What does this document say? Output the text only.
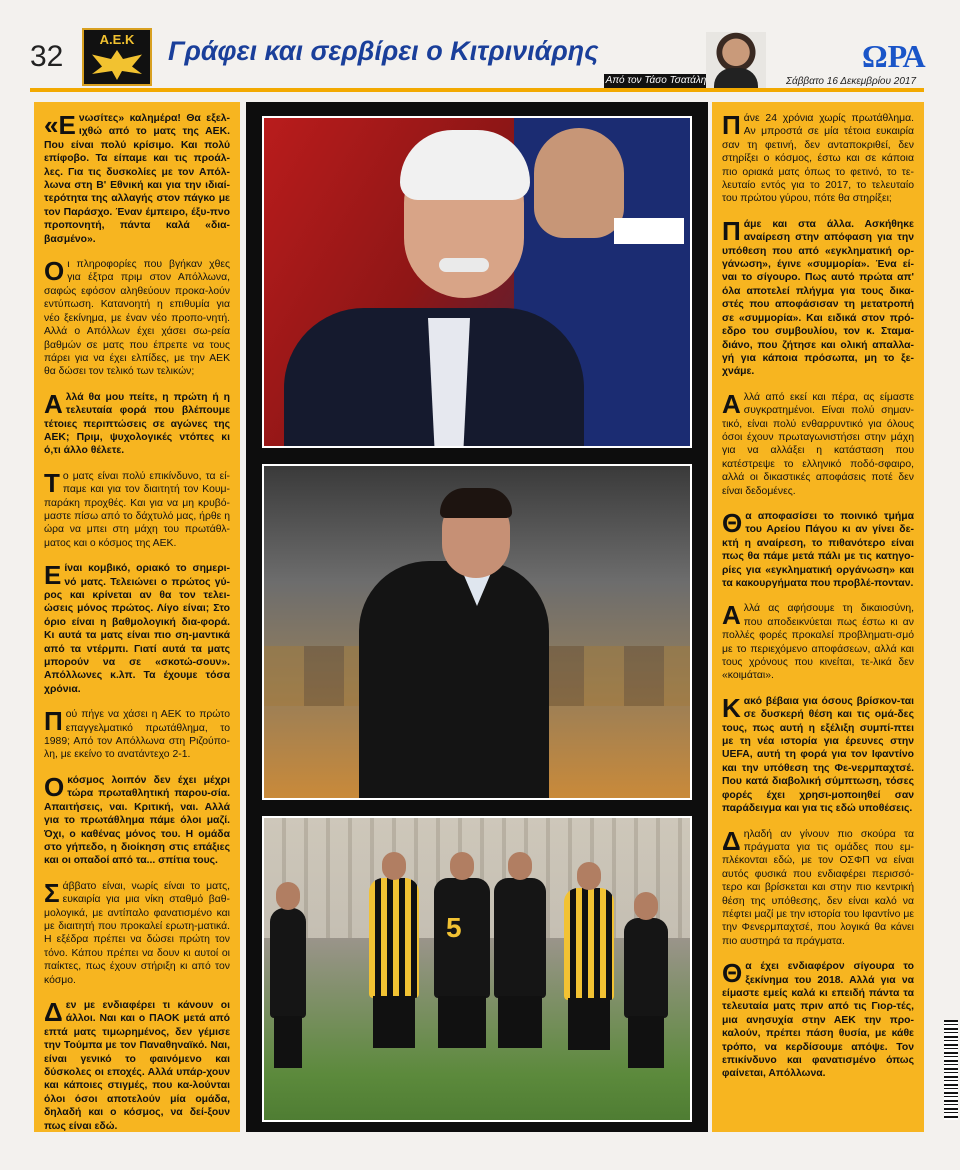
32
Α.Ε.Κ	Γράφει και σερβίρει ο Κιτρινιάρης
Από τον Τάσο Τσατάλη
ΩΡΑ
Σάββατο 16 Δεκεμβρίου 2017
«Ενωσίτες» καλημέρα! Θα εξελ-ιχθώ από το ματς της ΑΕΚ. Που είναι πολύ κρίσιμο. Και πολύ επίφοβο. Τα είπαμε και τις προάλ-λες. Για τις δυσκολίες με τον Απόλ-λωνα στη Β' Εθνική και για την ιδιαί-τερότητα της αλλαγής στον πάγκο με τον Παράσχο. Έναν έμπειρο, έξυ-πνο προπονητή, πάντα καλά «δια-βασμένο».
Οι πληροφορίες που βγήκαν χθες για έξτρα πριμ στον Απόλλωνα, σαφώς εφόσον αληθεύουν προκα-λούν εντύπωση. Κατανοητή η επιθυμία για νέο ξεκίνημα, με έναν νέο προπο-νητή. Αλλά ο Απόλλων έχει χάσει σω-ρεία βαθμών σε ματς που έπρεπε να τους πάρει για να έχει ελπίδες, με την ΑΕΚ θα δώσει τον τελικό των τελικών;
Αλλά θα μου πείτε, η πρώτη ή η τελευταία φορά που βλέπουμε τέτοιες περιπτώσεις σε αγώνες της ΑΕΚ; Πριμ, ψυχολογικές ντόπες κι ό,τι άλλο θέλετε.
Το ματς είναι πολύ επικίνδυνο, τα εί-παμε και για τον διαιτητή τον Κουμ-παράκη προχθές. Και για να μη κρυβό-μαστε πίσω από το δάχτυλό μας, ήρθε η ώρα να μπει στη μάχη του πρωτάθλ-ματος και ο κόσμος της ΑΕΚ.
Είναι κομβικό, οριακό το σημερι-νό ματς. Τελειώνει ο πρώτος γύ-ρος και κρίνεται αν θα τον τελει-ώσεις μόνος πρώτος. Λίγο είναι; Στο όριο είναι η βαθμολογική δια-φορά. Κι αυτά τα ματς είναι πιο ση-μαντικά από τα ντέρμπι. Γιατί αυτά τα ματς μπορούν να σε «σκοτώ-σουν». Απόλλωνες κ.λπ. Τα έχουμε τόσα χρόνια.
Πού πήγε να χάσει η ΑΕΚ το πρώτο επαγγελματικό πρωτάθλημα, το 1989; Από τον Απόλλωνα στη Ριζούπο-λη, με εκείνο το ανατάντεχο 2-1.
Ο κόσμος λοιπόν δεν έχει μέχρι τώρα πρωταθλητική παρου-σία. Απαιτήσεις, ναι. Κριτική, ναι. Αλλά για το πρωτάθλημα πάμε όλοι μαζί. Όχι, ο καθένας μόνος του. Η ομάδα στο γήπεδο, η διοίκηση στις επάξιες και οι οπαδοί από τα... σπίτια τους.
Σάββατο είναι, νωρίς είναι το ματς, ευκαιρία για μια νίκη σταθμό βαθ-μολογικά, με αντίπαλο φανατισμένο και με διαιτητή που προκαλεί ερωτη-ματικά. Η εξέδρα πρέπει να δώσει πρώτη τον τόνο. Κάπου πρέπει να δουν κι αυτοί οι παίκτες, πως έχουν στήριξη κι από τον κόσμο.
Δεν με ενδιαφέρει τι κάνουν οι άλλοι. Ναι και ο ΠΑΟΚ μετά από επτά ματς τιμωρημένος, δεν γέμισε την Τούμπα με τον Παναθηναϊκό. Ναι, είναι γενικό το φαινόμενο και δύσκολες οι εποχές. Αλλά υπάρ-χουν και κάποιες στιγμές, που κα-λούνται όλοι όσοι αποτελούν μία ομάδα, δηλαδή και ο κόσμος, να δεί-ξουν πως είναι εδώ.
5
Πάνε 24 χρόνια χωρίς πρωτάθλημα. Αν μπροστά σε μία τέτοια ευκαιρία σαν τη φετινή, δεν ανταποκριθεί, δεν στηρίξει ο κόσμος, έστω και σε κάποια πιο οριακά ματς όπως το φετινό, το τε-λευταίο εντός για το 2017, το τελευταίο του πρώτου γύρου, πότε θα στηρίξει;
Πάμε και στα άλλα. Ασκήθηκε αναίρεση στην απόφαση για την υπόθεση που από «εγκληματική ορ-γάνωση», έγινε «συμμορία». Ένα εί-ναι το σίγουρο. Πως αυτό πρώτα απ' όλα αποτελεί πλήγμα για τους δικα-στές που αποφάσισαν τη μετατροπή σε «συμμορία». Και ειδικά στον πρό-εδρο του συμβουλίου, τον κ. Σταμα-διάνο, που ζήτησε και ολική απαλλα-γή για κάποια πρόσωπα, μη το ξε-χνάμε.
Αλλά από εκεί και πέρα, ας είμαστε συγκρατημένοι. Είναι πολύ σημαν-τικό, είναι πολύ ενθαρρυντικό για όλους όσοι έχουν πρωταγωνιστήσει στην μάχη για να αλλάξει η κατάσταση που κατέστρεψε το ελληνικό ποδό-σφαιρο, αλλά οι δικαστικές αποφάσεις ποτέ δεν είναι δεδομένες.
Θα αποφασίσει το ποινικό τμήμα του Αρείου Πάγου κι αν γίνει δε-κτή η αναίρεση, το πιθανότερο είναι πως θα πάμε μετά πάλι με τις κατηγο-ρίες για «εγκληματική οργάνωση» και τα κακουργήματα που προβλέ-πονταν.
Αλλά ας αφήσουμε τη δικαιοσύνη, που αποδεικνύεται πως έστω κι αν πολλές φορές προκαλεί προβληματι-σμό με το περιεχόμενο αποφάσεων, αλλά και τους χρόνους που κινείται, τε-λικά δεν «κοιμάται».
Κακό βέβαια για όσους βρίσκον-ται σε δυσκερή θέση και τις ομά-δες τους, πως αυτή η εξέλιξη συμπί-πτει με τη νέα ιστορία για έρευνες στην UEFA, αυτή τη φορά για τον Ιφαντίνο και την υπόθεση της Φε-νερμπαχτσέ. Που κατά διαβολική σύμπτωση, τόσες φορές έχει χρησι-μοποιηθεί σαν παράδειγμα και για τις εδώ υποθέσεις.
Δηλαδή αν γίνουν πιο σκούρα τα πράγματα για τις ομάδες που εμ-πλέκονται εδώ, με τον ΟΣΦΠ να είναι αυτός φυσικά που ενδιαφέρει περισσό-τερο και βρίσκεται και στην πιο κεντρική θέση της υπόθεσης, δεν είναι καλό να πέφτει μαζί με την ιστορία του Ιφαντίνο με την Φενερμπαχτσέ, που λογικά θα κάνει πιο αυστηρά τα πράγματα.
Θα έχει ενδιαφέρον σίγουρα το ξεκίνημα του 2018. Αλλά για να είμαστε εμείς καλά κι επειδή πάντα τα τελευταία ματς πριν από τις Γιορ-τές, μια ανησυχία στην ΑΕΚ την προ-καλούν, πρέπει πάση θυσία, με κάθε τρόπο, να κερδίσουμε απόψε. Τον επικίνδυνο και φανατισμένο όπως φαίνεται, Απόλλωνα.
